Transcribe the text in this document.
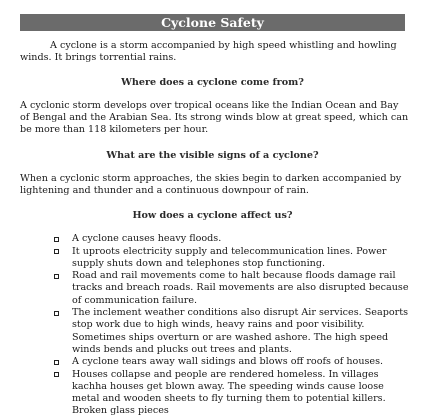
Cyclone Safety

A cyclone is a storm accompanied by high speed whistling and howling winds. It brings torrential rains.

Where does a cyclone come from?

A cyclonic storm develops over tropical oceans like the Indian Ocean and Bay of Bengal and the Arabian Sea. Its strong winds blow at great speed, which can be more than 118 kilometers per hour.

What are the visible signs of a cyclone?

When a cyclonic storm approaches, the skies begin to darken accompanied by lightening and thunder and a continuous downpour of rain.

How does a cyclone affect us?

A cyclone causes heavy floods.
It uproots electricity supply and telecommunication lines. Power supply shuts down and telephones stop functioning.
Road and rail movements come to halt because floods damage rail tracks and breach roads. Rail movements are also disrupted because of communication failure.
The inclement weather conditions also disrupt Air services. Seaports stop work due to high winds, heavy rains and poor visibility. Sometimes ships overturn or are washed ashore. The high speed winds bends and plucks out trees and plants.
A cyclone tears away wall sidings and blows off roofs of houses.
Houses collapse and people are rendered homeless. In villages kachha houses get blown away. The speeding winds cause loose metal and wooden sheets to fly turning them to potential killers. Broken glass pieces
